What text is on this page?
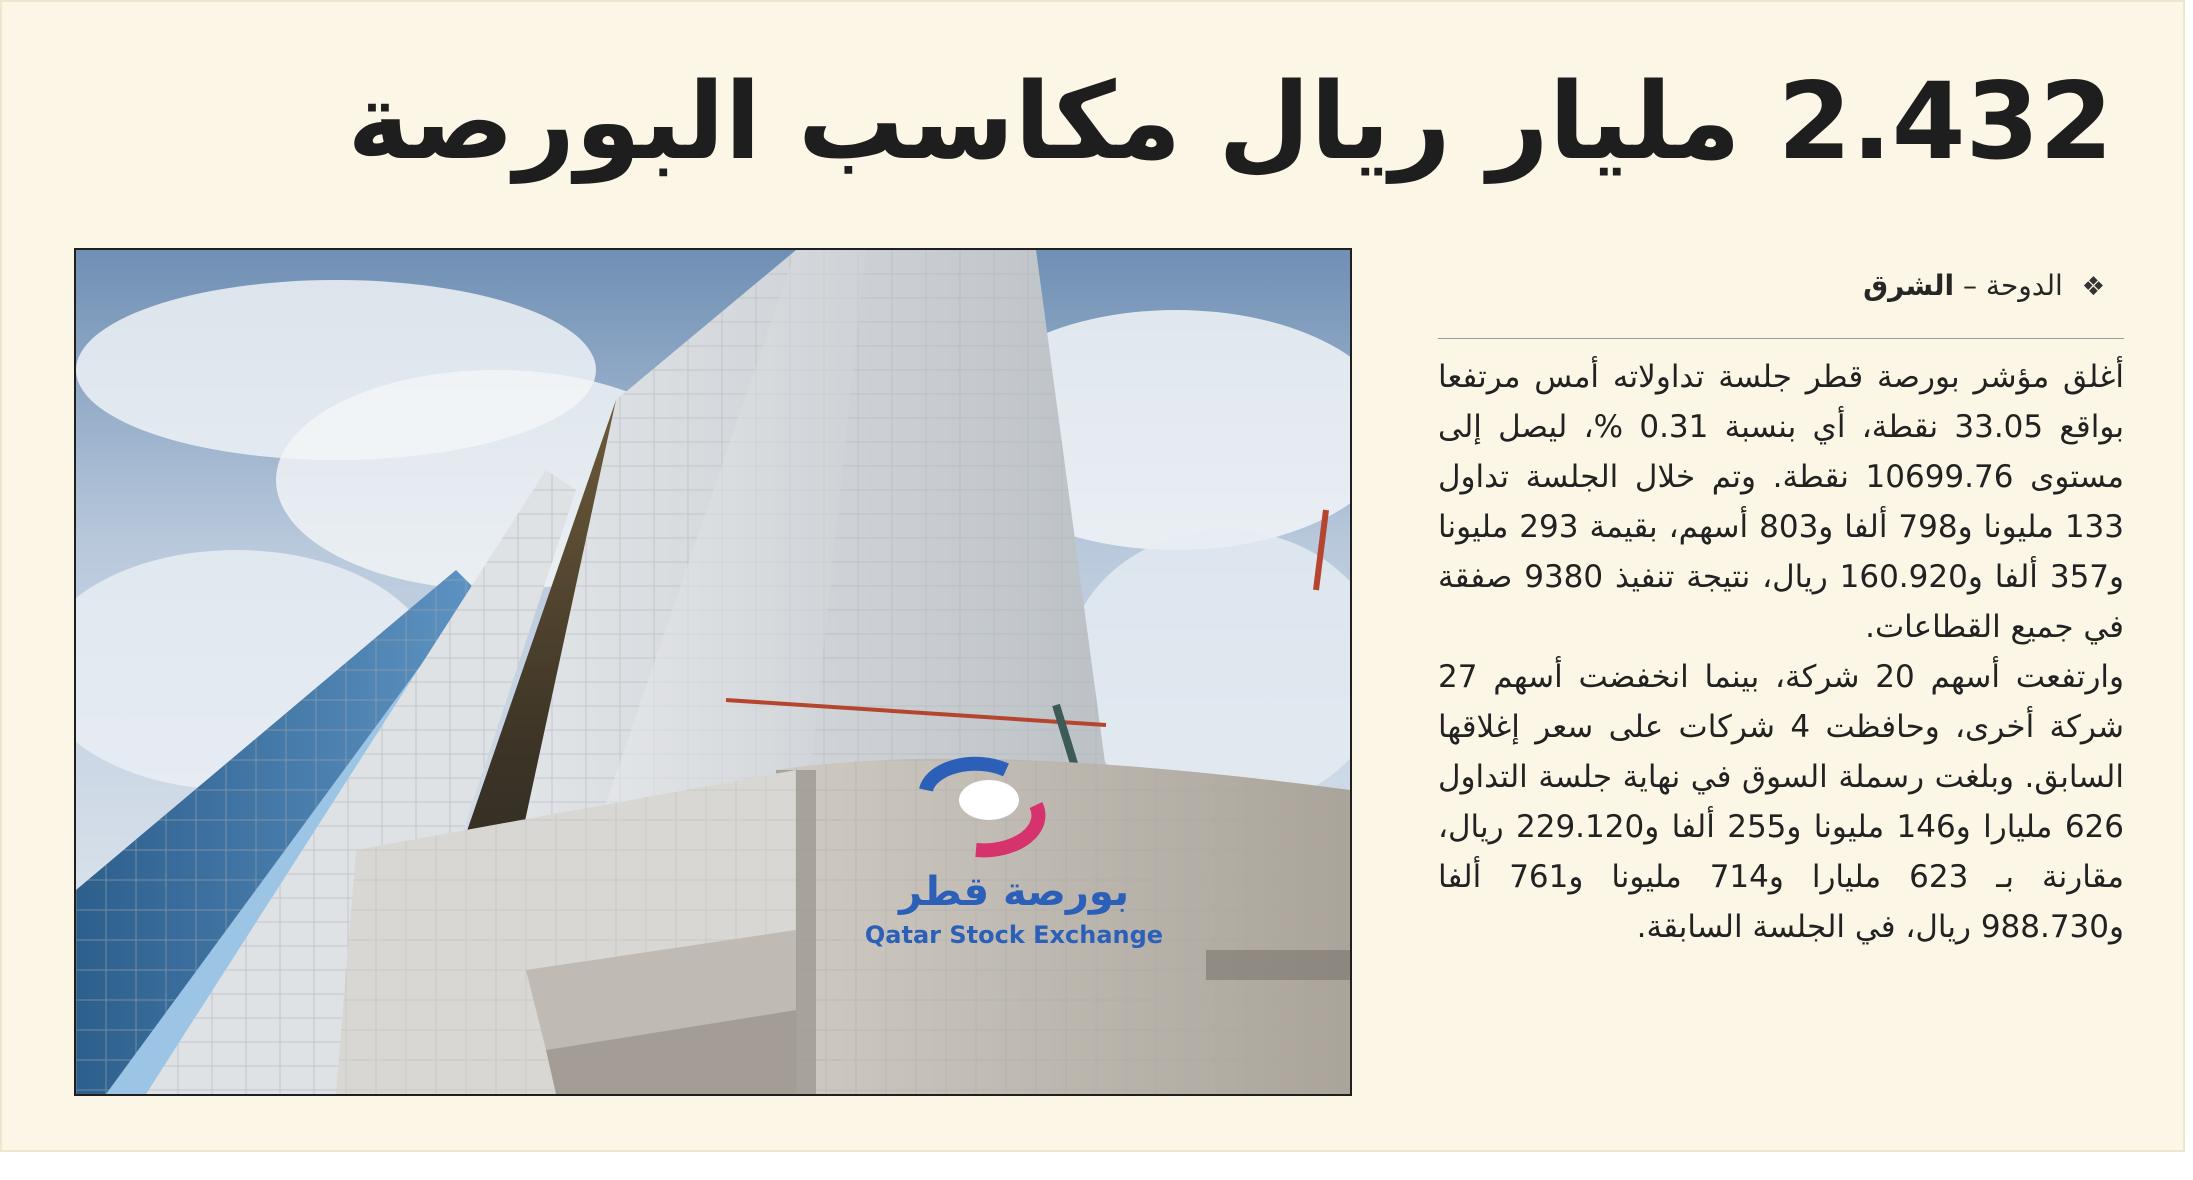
2.432 مليار ريال مكاسب البورصة
بورصة قطر
Qatar Stock Exchange
❖ الدوحة – الشرق

أغلق مؤشر بورصة قطر جلسة تداولاته أمس مرتفعا بواقع 33.05 نقطة، أي بنسبة 0.31 %، ليصل إلى مستوى 10699.76 نقطة. وتم خلال الجلسة تداول 133 مليونا و798 ألفا و803 أسهم، بقيمة 293 مليونا و357 ألفا و160.920 ريال، نتيجة تنفيذ 9380 صفقة في جميع القطاعات.

وارتفعت أسهم 20 شركة، بينما انخفضت أسهم 27 شركة أخرى، وحافظت 4 شركات على سعر إغلاقها السابق. وبلغت رسملة السوق في نهاية جلسة التداول 626 مليارا و146 مليونا و255 ألفا و229.120 ريال، مقارنة بـ 623 مليارا و714 مليونا و761 ألفا و988.730 ريال، في الجلسة السابقة.
